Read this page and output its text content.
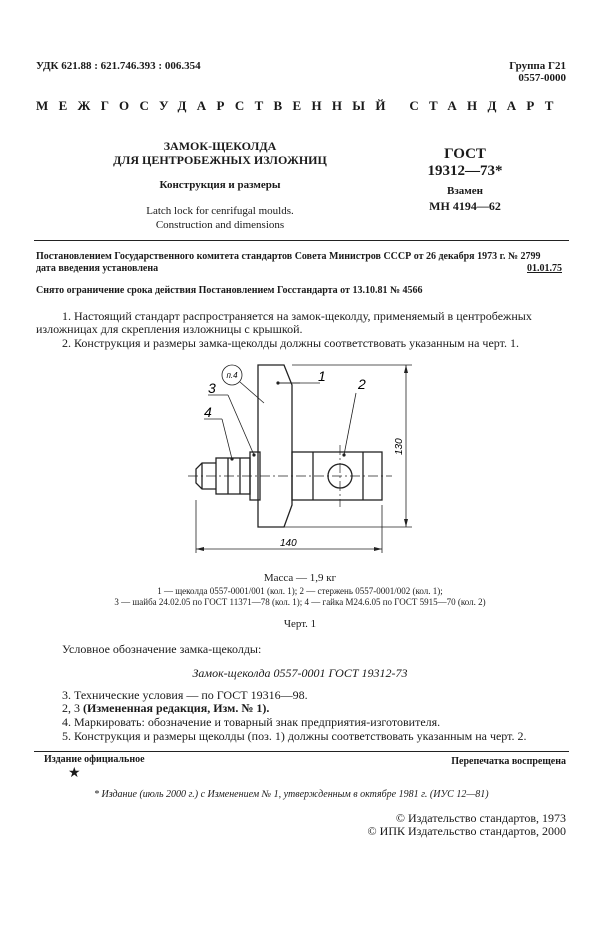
УДК 621.88 : 621.746.393 : 006.354	Группа Г21
0557-0000
МЕЖГОСУДАРСТВЕННЫЙ СТАНДАРТ
ЗАМОК-ЩЕКОЛДА
ДЛЯ ЦЕНТРОБЕЖНЫХ ИЗЛОЖНИЦ
Конструкция и размеры
Latch lock for cenrifugal moulds.
Construction and dimensions
ГОСТ
19312—73*
Взамен
МН 4194—62
Постановлением Государственного комитета стандартов Совета Министров СССР от 26 декабря 1973 г. № 2799
дата введения установлена	01.01.75
Снято ограничение срока действия Постановлением Госстандарта от 13.10.81 № 4566
1. Настоящий стандарт распространяется на замок-щеколду, применяемый в центробежных
изложницах для скрепления изложницы с крышкой.
2. Конструкция и размеры замка-щеколды должны соответствовать указанным на черт. 1.
п.4	1 2
3
4
140
130
Масса — 1,9 кг
1 — щеколда 0557-0001/001 (кол. 1); 2 — стержень 0557-0001/002 (кол. 1);
3 — шайба 24.02.05 по ГОСТ 11371—78 (кол. 1); 4 — гайка М24.6.05 по ГОСТ 5915—70 (кол. 2)
Черт. 1
Условное обозначение замка-щеколды:
Замок-щеколда 0557-0001 ГОСТ 19312-73
3. Технические условия — по ГОСТ 19316—98.
2, 3 (Измененная редакция, Изм. № 1).
4. Маркировать: обозначение и товарный знак предприятия-изготовителя.
5. Конструкция и размеры щеколды (поз. 1) должны соответствовать указанным на черт. 2.
Издание официальное
★
Перепечатка воспрещена
* Издание (июль 2000 г.) с Изменением № 1, утвержденным в октябре 1981 г. (ИУС 12—81)
© Издательство стандартов, 1973
© ИПК Издательство стандартов, 2000
